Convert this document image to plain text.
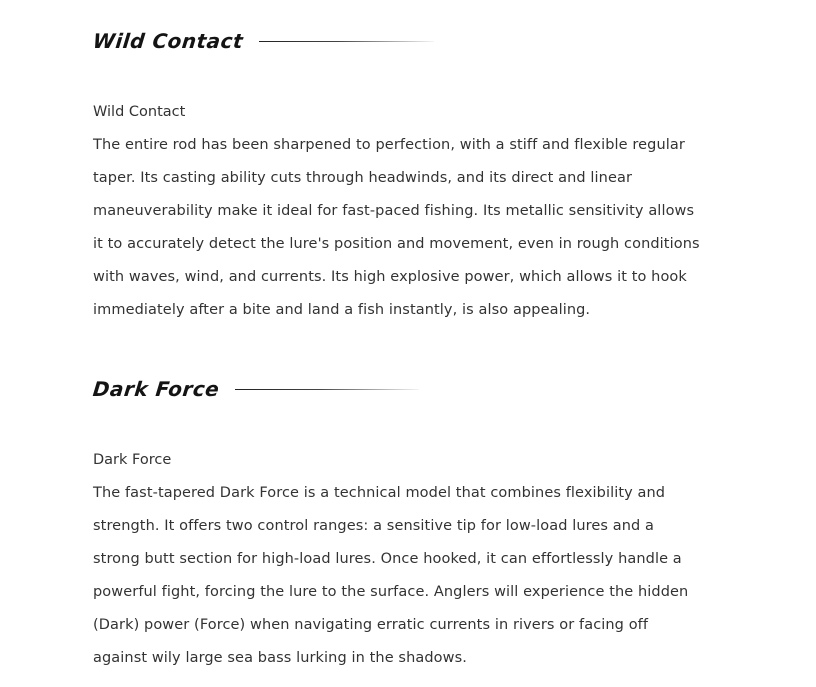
Wild Contact
Wild Contact
The entire rod has been sharpened to perfection, with a stiff and flexible regular taper. Its casting ability cuts through headwinds, and its direct and linear maneuverability make it ideal for fast-paced fishing. Its metallic sensitivity allows it to accurately detect the lure's position and movement, even in rough conditions with waves, wind, and currents. Its high explosive power, which allows it to hook immediately after a bite and land a fish instantly, is also appealing.
Dark Force
Dark Force
The fast-tapered Dark Force is a technical model that combines flexibility and strength. It offers two control ranges: a sensitive tip for low-load lures and a strong butt section for high-load lures. Once hooked, it can effortlessly handle a powerful fight, forcing the lure to the surface. Anglers will experience the hidden (Dark) power (Force) when navigating erratic currents in rivers or facing off against wily large sea bass lurking in the shadows.
